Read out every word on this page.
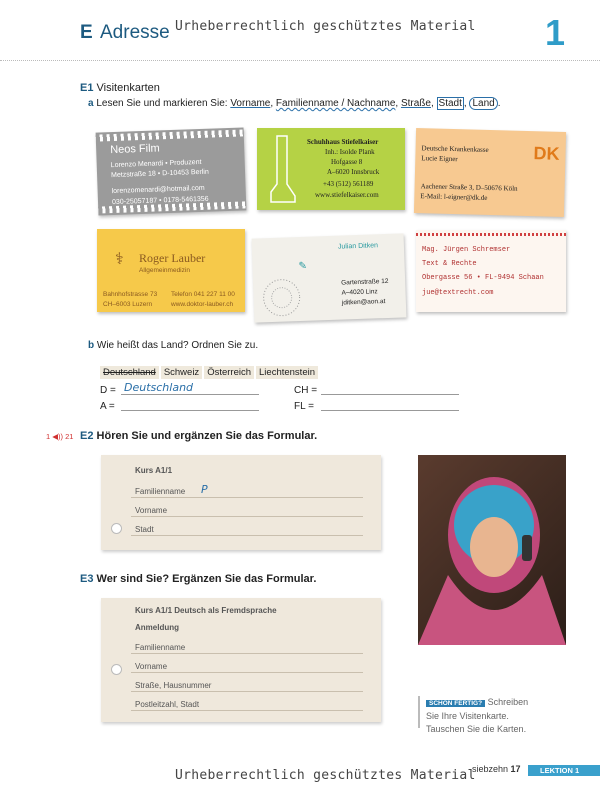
E Adresse Urheberrechtlich geschütztes Material 1
E1 Visitenkarten
a Lesen Sie und markieren Sie: Vorname, Familienname / Nachname, Straße, Stadt , Land .
Neos Film
Lorenzo Menardi • Produzent
Metzstraße 18 • D-10453 Berlin
lorenzomenardi@hotmail.com
030-25057187 • 0178-5461356
Schuhhaus Stiefelkaiser
Inh.: Isolde Plank
Hofgasse 8
A–6020 Innsbruck
+43 (512) 561189
www.stiefelkaiser.com
Deutsche Krankenkasse
Lucie Eigner	DK
Aachener Straße 3, D–50676 Köln
E-Mail: l-eigner@dk.de
⚕ Roger Lauber
Allgemeinmedizin
Bahnhofstrasse 73
CH–6003 Luzern
Telefon 041 227 11 00
www.doktor-lauber.ch
Julian Ditken
✎
Gartenstraße 12
A–4020 Linz
jditken@aon.at
Mag. Jürgen Schremser
Text & Rechte
Obergasse 56 • FL-9494 Schaan
jue@textrecht.com
b Wie heißt das Land? Ordnen Sie zu.
Deutschland Schweiz Österreich Liechtenstein
D = Deutschland
A =
CH =
FL =
1 ◀)) 21 E2 Hören Sie und ergänzen Sie das Formular.
Kurs A1/1
Familienname P
Vorname
Stadt
E3 Wer sind Sie? Ergänzen Sie das Formular.
Kurs A1/1 Deutsch als Fremdsprache
Anmeldung
Familienname
Vorname
Straße, Hausnummer
Postleitzahl, Stadt	SCHON FERTIG? Schreiben
Sie Ihre Visitenkarte.
Tauschen Sie die Karten.
Urheberrechtlich geschütztes Material
siebzehn 17	LEKTION 1
